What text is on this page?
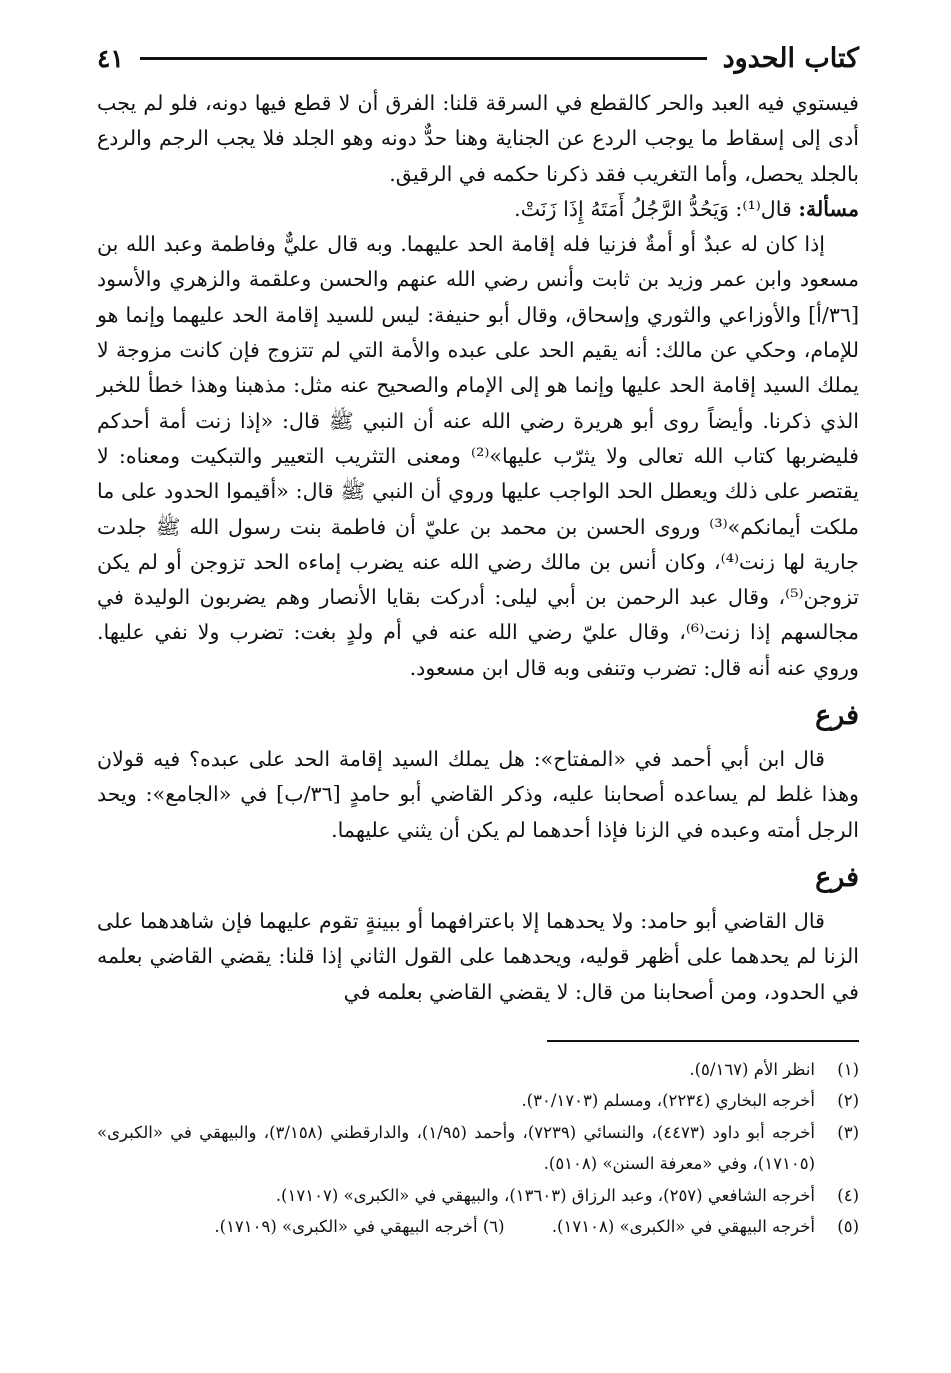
كتاب الحدود
٤١

فيستوي فيه العبد والحر كالقطع في السرقة قلنا: الفرق أن لا قطع فيها دونه، فلو لم يجب أدى إلى إسقاط ما يوجب الردع عن الجناية وهنا حدٌّ دونه وهو الجلد فلا يجب الرجم والردع بالجلد يحصل، وأما التغريب فقد ذكرنا حكمه في الرقيق.

مسألة: قال⁽¹⁾: وَيَحُدُّ الرَّجُلُ أَمَتَهُ إِذَا زَنَتْ.

إذا كان له عبدٌ أو أمةٌ فزنيا فله إقامة الحد عليهما. وبه قال عليٌّ وفاطمة وعبد الله بن مسعود وابن عمر وزيد بن ثابت وأنس رضي الله عنهم والحسن وعلقمة والزهري والأسود [٣٦/أ] والأوزاعي والثوري وإسحاق، وقال أبو حنيفة: ليس للسيد إقامة الحد عليهما وإنما هو للإمام، وحكي عن مالك: أنه يقيم الحد على عبده والأمة التي لم تتزوج فإن كانت مزوجة لا يملك السيد إقامة الحد عليها وإنما هو إلى الإمام والصحيح عنه مثل: مذهبنا وهذا خطأ للخبر الذي ذكرنا. وأيضاً روى أبو هريرة رضي الله عنه أن النبي ﷺ قال: «إذا زنت أمة أحدكم فليضربها كتاب الله تعالى ولا يثرّب عليها»⁽²⁾ ومعنى التثريب التعيير والتبكيت ومعناه: لا يقتصر على ذلك ويعطل الحد الواجب عليها وروي أن النبي ﷺ قال: «أقيموا الحدود على ما ملكت أيمانكم»⁽³⁾ وروى الحسن بن محمد بن عليّ أن فاطمة بنت رسول الله ﷺ جلدت جارية لها زنت⁽⁴⁾، وكان أنس بن مالك رضي الله عنه يضرب إماءه الحد تزوجن أو لم يكن تزوجن⁽⁵⁾، وقال عبد الرحمن بن أبي ليلى: أدركت بقايا الأنصار وهم يضربون الوليدة في مجالسهم إذا زنت⁽⁶⁾، وقال عليّ رضي الله عنه في أم ولدٍ بغت: تضرب ولا نفي عليها. وروي عنه أنه قال: تضرب وتنفى وبه قال ابن مسعود.

فرع

قال ابن أبي أحمد في «المفتاح»: هل يملك السيد إقامة الحد على عبده؟ فيه قولان وهذا غلط لم يساعده أصحابنا عليه، وذكر القاضي أبو حامدٍ [٣٦/ب] في «الجامع»: ويحد الرجل أمته وعبده في الزنا فإذا أحدهما لم يكن أن يثني عليهما.

فرع

قال القاضي أبو حامد: ولا يحدهما إلا باعترافهما أو ببينةٍ تقوم عليهما فإن شاهدهما على الزنا لم يحدهما على أظهر قوليه، ويحدهما على القول الثاني إذا قلنا: يقضي القاضي بعلمه في الحدود، ومن أصحابنا من قال: لا يقضي القاضي بعلمه في

(١)
انظر الأم (٥/١٦٧).
(٢)
أخرجه البخاري (٢٢٣٤)، ومسلم (٣٠/١٧٠٣).
(٣)
أخرجه أبو داود (٤٤٧٣)، والنسائي (٧٢٣٩)، وأحمد (١/٩٥)، والدارقطني (٣/١٥٨)، والبيهقي في «الكبرى» (١٧١٠٥)، وفي «معرفة السنن» (٥١٠٨).
(٤)
أخرجه الشافعي (٢٥٧)، وعبد الرزاق (١٣٦٠٣)، والبيهقي في «الكبرى» (١٧١٠٧).
(٥)
أخرجه البيهقي في «الكبرى» (١٧١٠٨). (٦) أخرجه البيهقي في «الكبرى» (١٧١٠٩).
